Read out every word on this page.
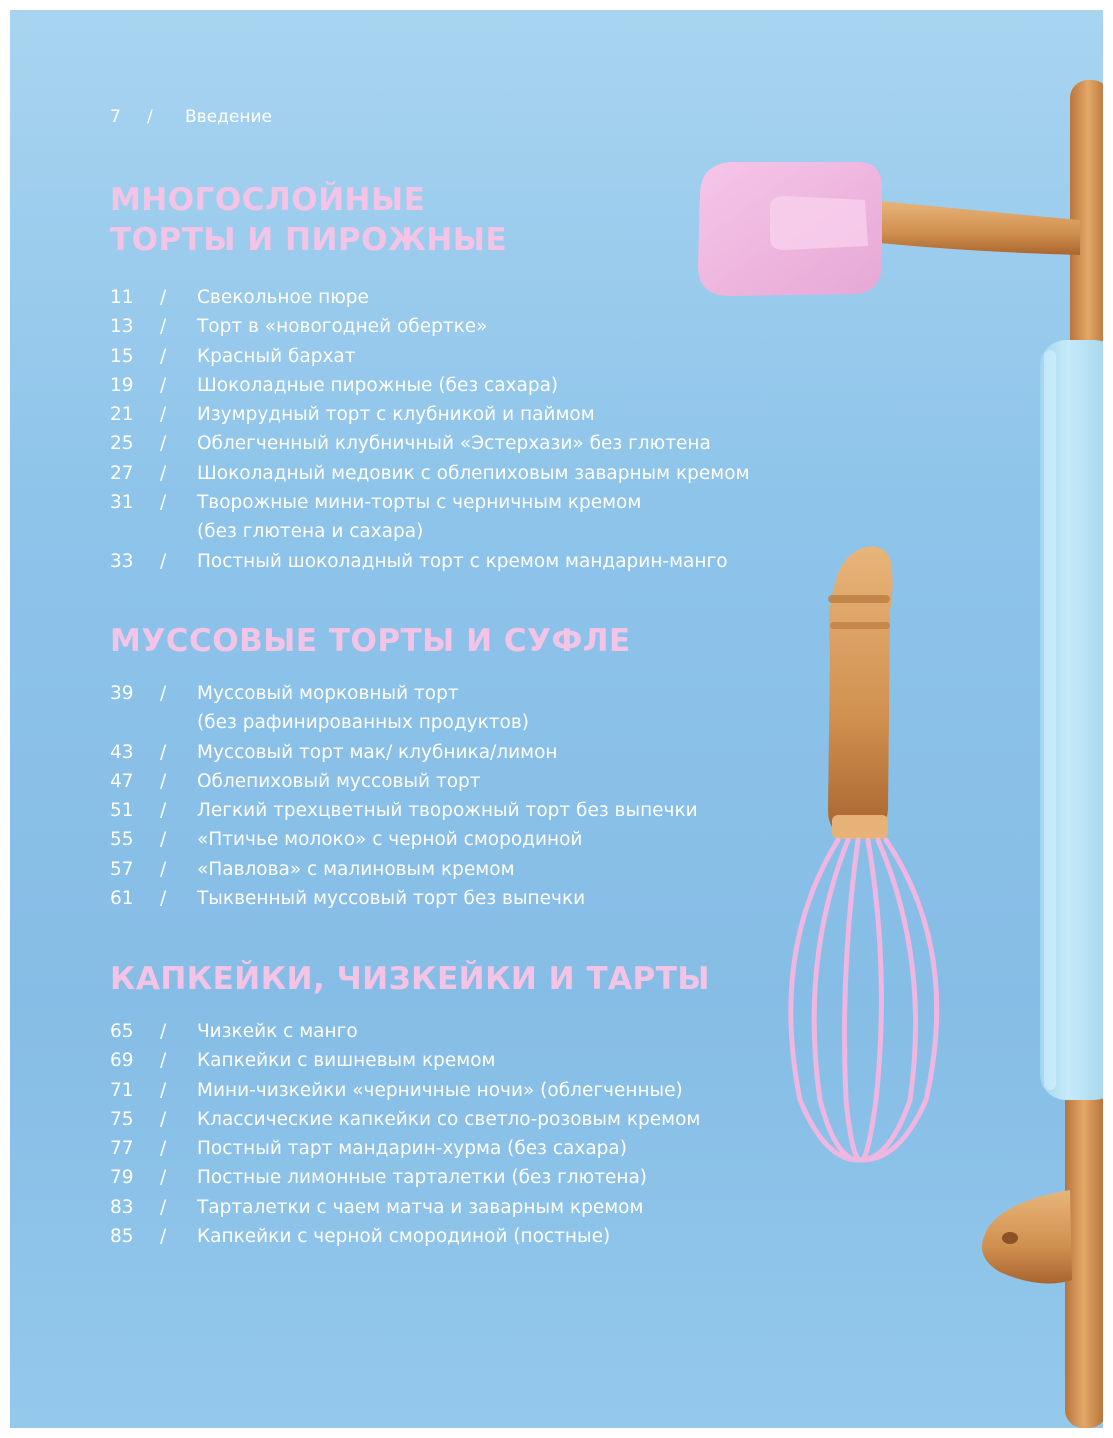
7	/	Введение
МНОГОСЛОЙНЫЕ
ТОРТЫ И ПИРОЖНЫЕ
11 / Свекольное пюре
13 / Торт в «новогодней обертке»
15 / Красный бархат
19 / Шоколадные пирожные (без сахара)
21 / Изумрудный торт с клубникой и паймом
25 / Облегченный клубничный «Эстерхази» без глютена
27 / Шоколадный медовик с облепиховым заварным кремом
31 / Творожные мини-торты с черничным кремом
(без глютена и сахара)
33 / Постный шоколадный торт с кремом мандарин-манго
МУССОВЫЕ ТОРТЫ И СУФЛЕ
39 / Муссовый морковный торт
(без рафинированных продуктов)
43 / Муссовый торт мак/ клубника/лимон
47 / Облепиховый муссовый торт
51 / Легкий трехцветный творожный торт без выпечки
55 / «Птичье молоко» с черной смородиной
57 / «Павлова» с малиновым кремом
61 / Тыквенный муссовый торт без выпечки
КАПКЕЙКИ, ЧИЗКЕЙКИ И ТАРТЫ
65 / Чизкейк с манго
69 / Капкейки с вишневым кремом
71 / Мини-чизкейки «черничные ночи» (облегченные)
75 / Классические капкейки со светло-розовым кремом
77 / Постный тарт мандарин-хурма (без сахара)
79 / Постные лимонные тарталетки (без глютена)
83 / Тарталетки с чаем матча и заварным кремом
85 / Капкейки с черной смородиной (постные)
